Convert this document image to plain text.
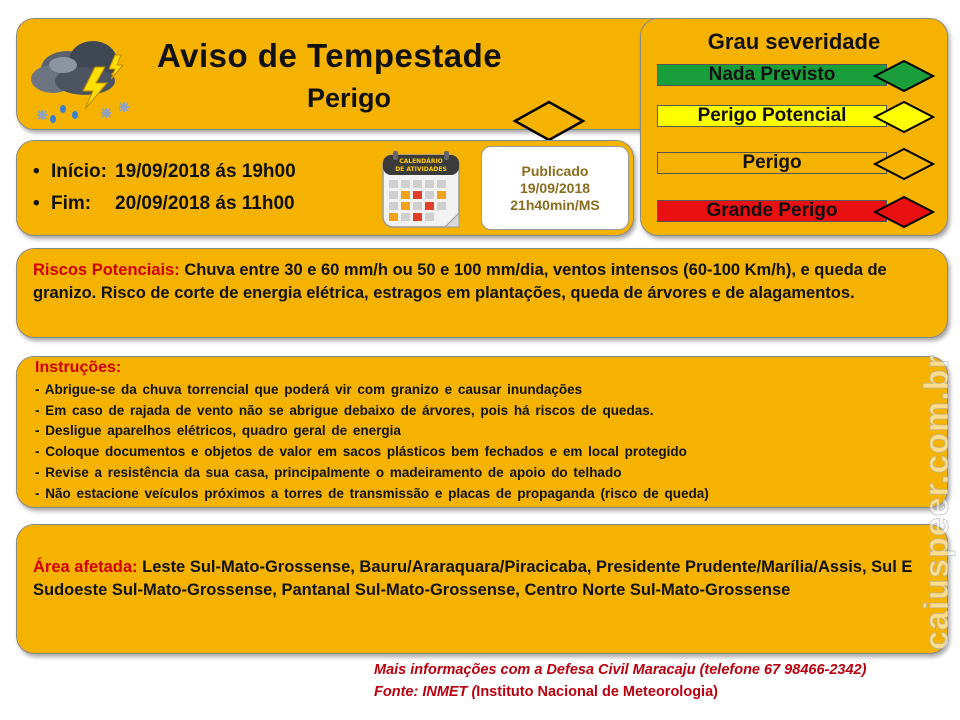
Aviso de Tempestade
Perigo
Grau severidade
Nada Previsto
Perigo Potencial
Perigo
Grande Perigo
• Início: 19/09/2018 ás 19h00
• Fim: 20/09/2018 ás 11h00
CALENDÁRIO
DE ATIVIDADES	Publicado
19/09/2018
21h40min/MS
Riscos Potenciais: Chuva entre 30 e 60 mm/h ou 50 e 100 mm/dia, ventos intensos (60-100 Km/h), e queda de granizo. Risco de corte de energia elétrica, estragos em plantações, queda de árvores e de alagamentos.
Instruções:
- Abrigue-se da chuva torrencial que poderá vir com granizo e causar inundações
- Em caso de rajada de vento não se abrigue debaixo de árvores, pois há riscos de quedas.
- Desligue aparelhos elétricos, quadro geral de energia
- Coloque documentos e objetos de valor em sacos plásticos bem fechados e em local protegido
- Revise a resistência da sua casa, principalmente o madeiramento de apoio do telhado
- Não estacione veículos próximos a torres de transmissão e placas de propaganda (risco de queda)
Área afetada: Leste Sul-Mato-Grossense, Bauru/Araraquara/Piracicaba, Presidente Prudente/Marília/Assis, Sul E Sudoeste Sul-Mato-Grossense, Pantanal Sul-Mato-Grossense, Centro Norte Sul-Mato-Grossense
Mais informações com a Defesa Civil Maracaju (telefone 67 98466-2342)
Fonte: INMET (Instituto Nacional de Meteorologia)
caiuspeer.com.br
